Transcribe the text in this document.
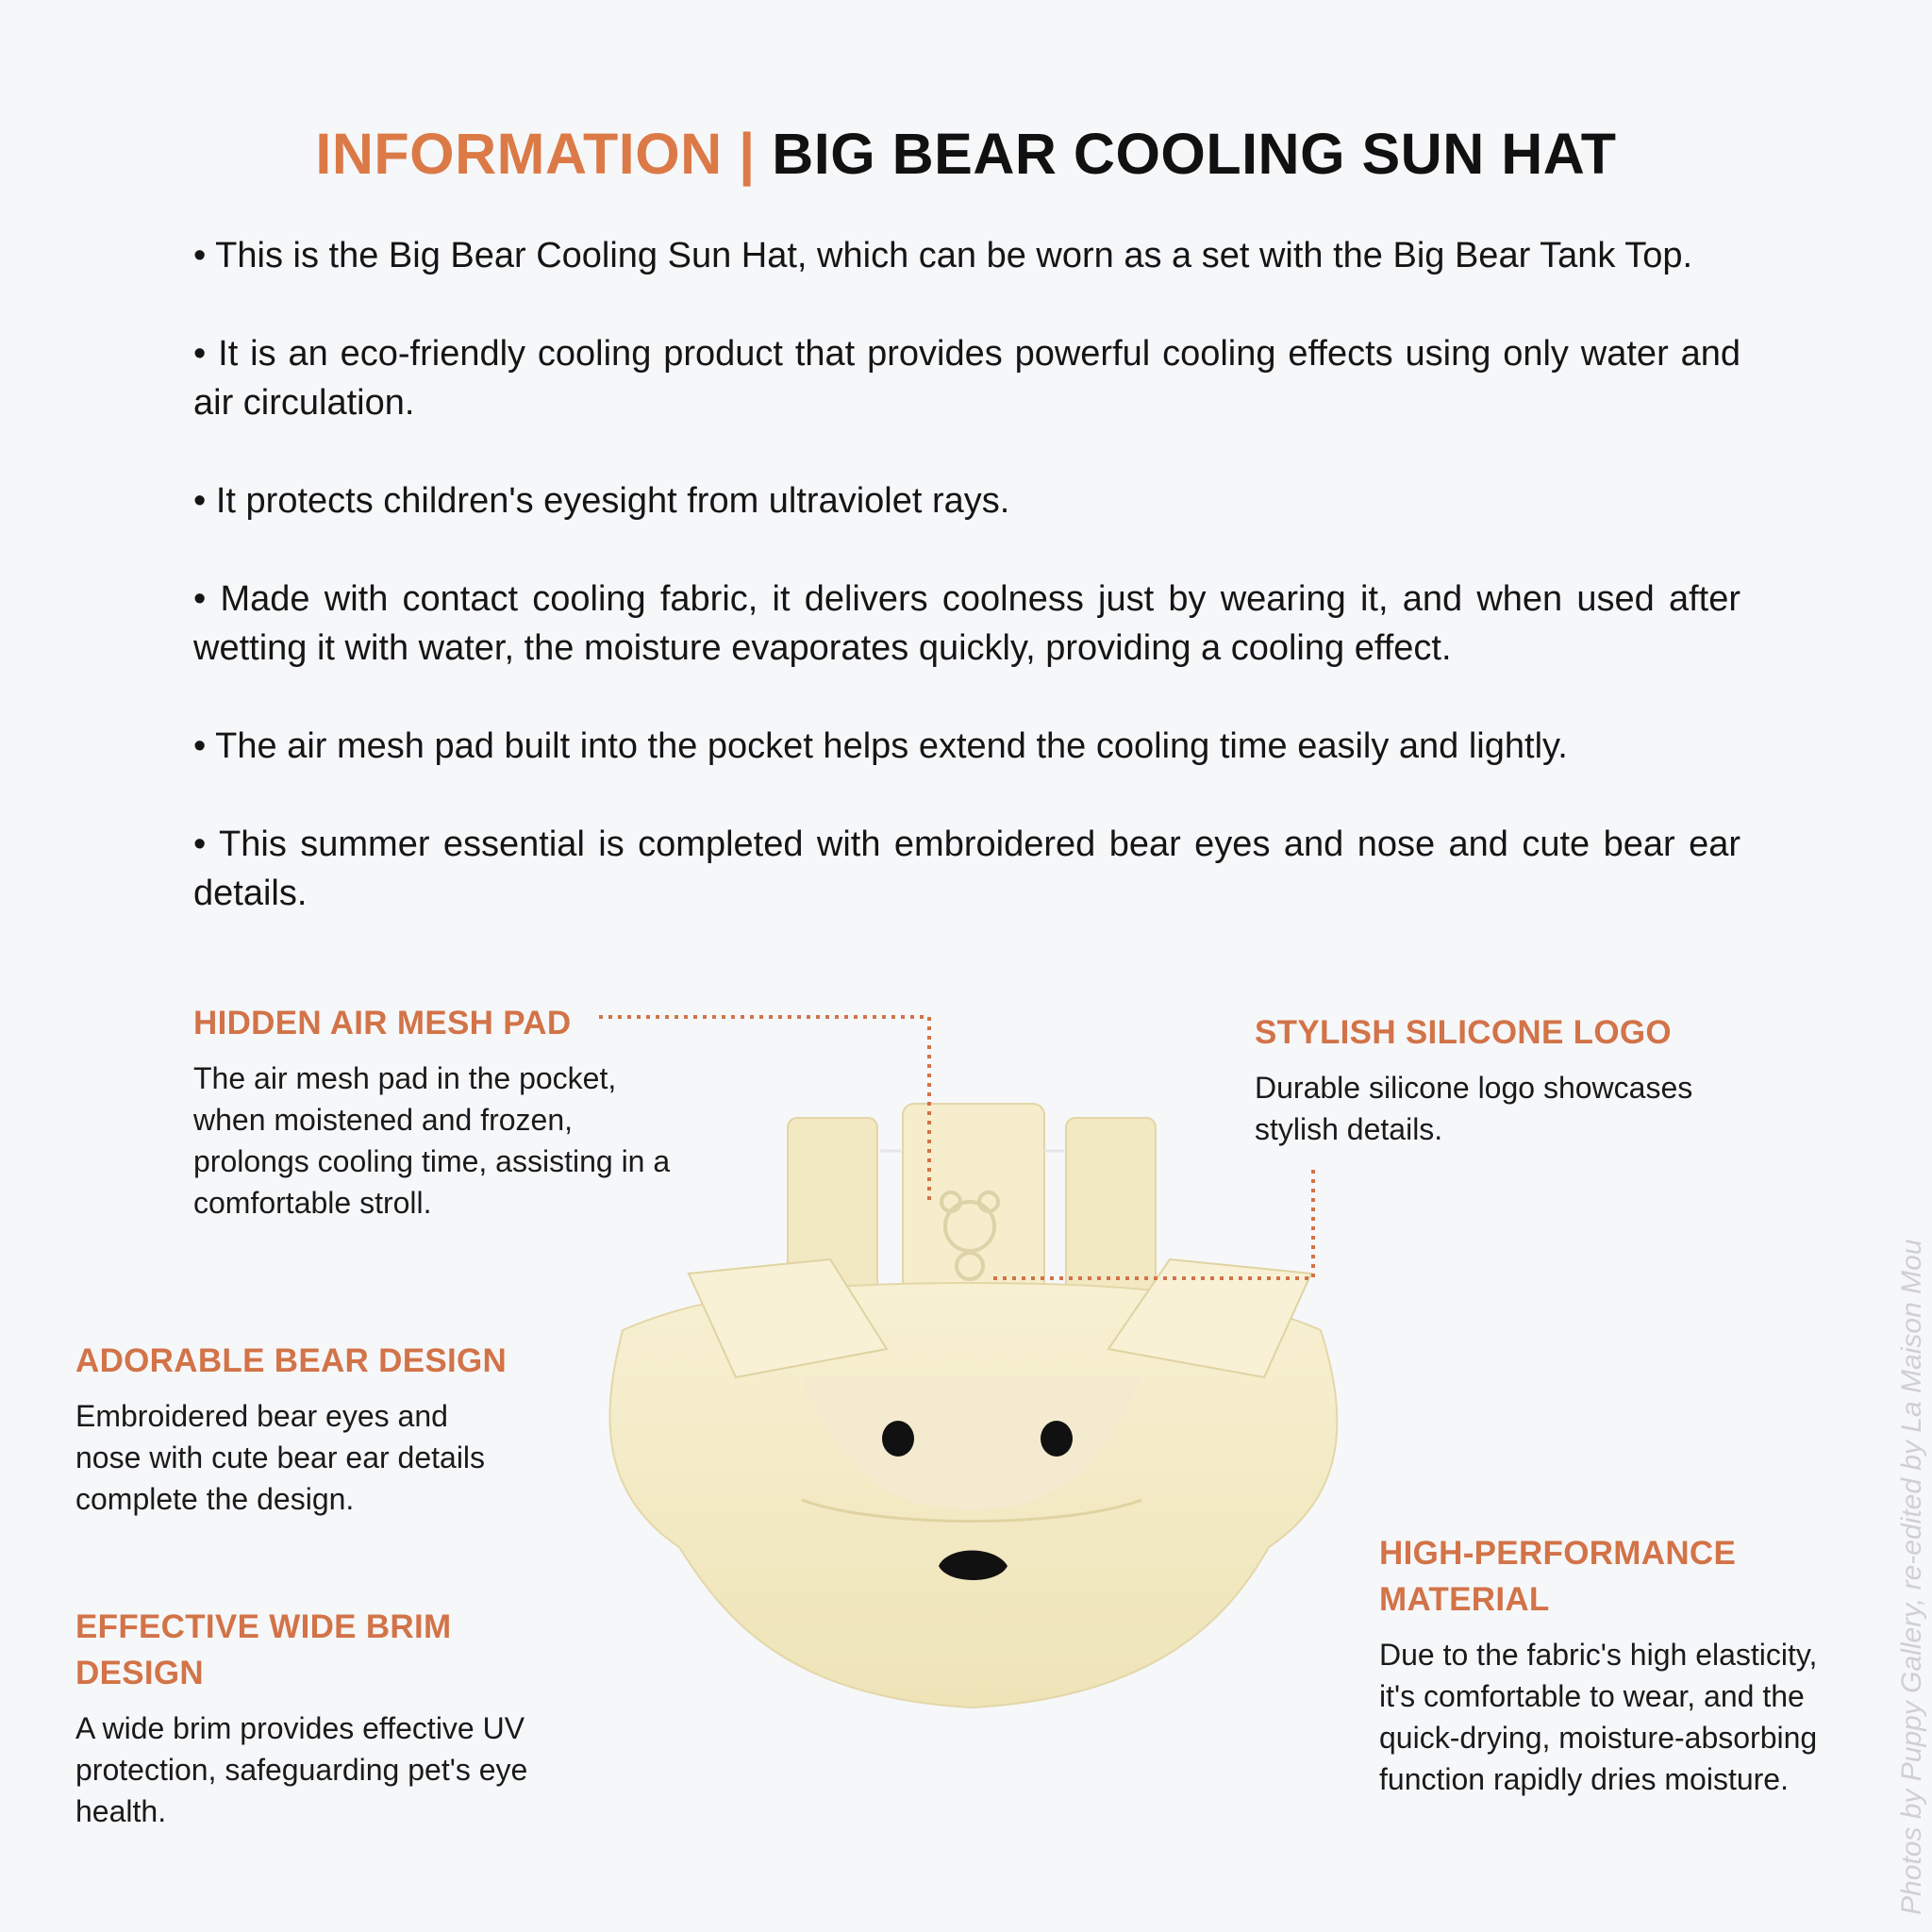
INFORMATION | BIG BEAR COOLING SUN HAT

• This is the Big Bear Cooling Sun Hat, which can be worn as a set with the Big Bear Tank Top.

• It is an eco-friendly cooling product that provides powerful cooling effects using only water and air circulation.

• It protects children's eyesight from ultraviolet rays.

• Made with contact cooling fabric, it delivers coolness just by wearing it, and when used after wetting it with water, the moisture evaporates quickly, providing a cooling effect.

• The air mesh pad built into the pocket helps extend the cooling time easily and lightly.

• This summer essential is completed with embroidered bear eyes and nose and cute bear ear details.

HIDDEN AIR MESH PAD
The air mesh pad in the pocket, when moistened and frozen, prolongs cooling time, assisting in a comfortable stroll.
STYLISH SILICONE LOGO
Durable silicone logo showcases stylish details.
ADORABLE BEAR DESIGN
Embroidered bear eyes and nose with cute bear ear details complete the design.
EFFECTIVE WIDE BRIM DESIGN
A wide brim provides effective UV protection, safeguarding pet's eye health.
HIGH-PERFORMANCE MATERIAL
Due to the fabric's high elasticity, it's comfortable to wear, and the quick-drying, moisture-absorbing function rapidly dries moisture.	Photos by Puppy Gallery, re-edited by La Maison Mou
